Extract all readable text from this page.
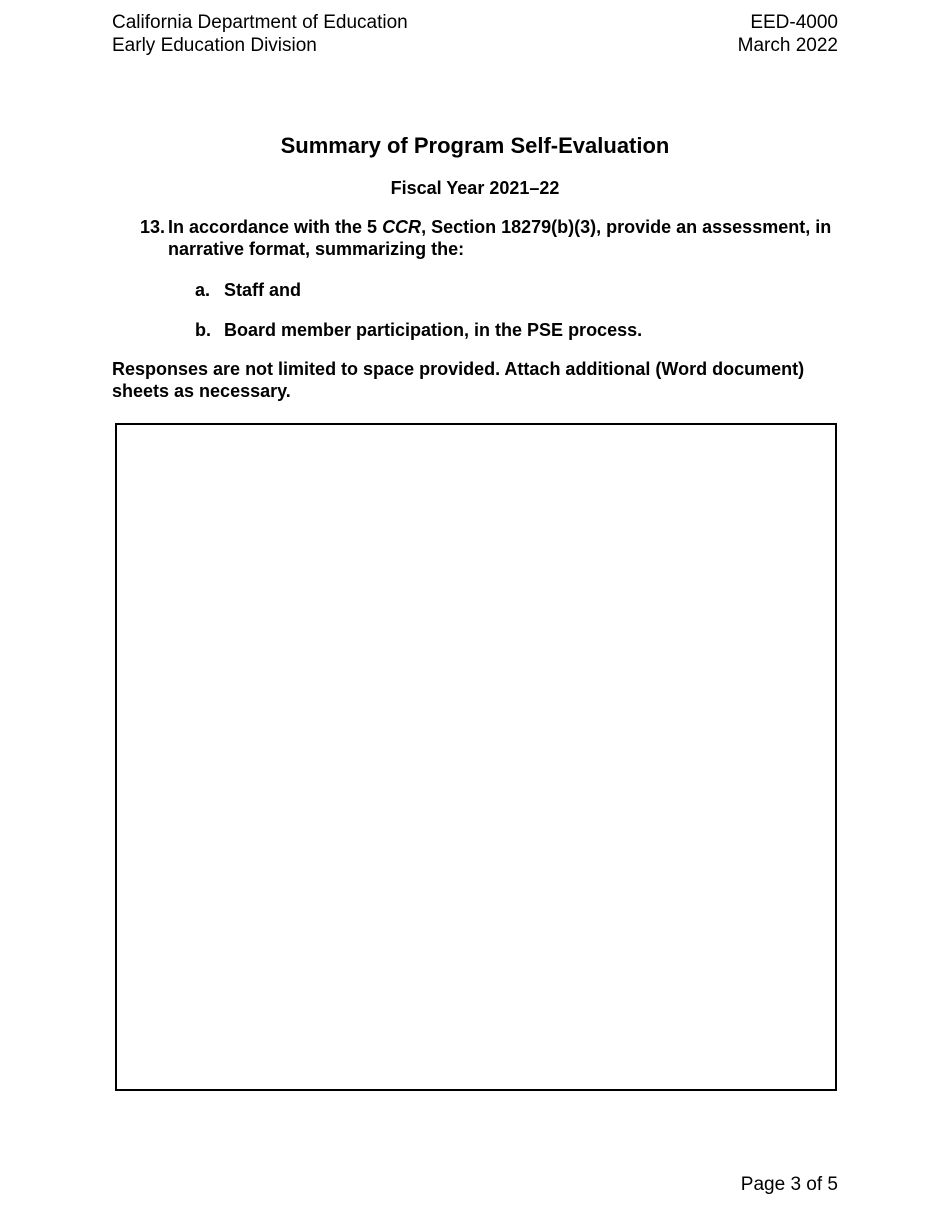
California Department of Education
Early Education Division
EED-4000
March 2022
Summary of Program Self-Evaluation
Fiscal Year 2021–22
13. In accordance with the 5 CCR, Section 18279(b)(3), provide an assessment, in narrative format, summarizing the:
a. Staff and
b. Board member participation, in the PSE process.
Responses are not limited to space provided. Attach additional (Word document) sheets as necessary.
Page 3 of 5
